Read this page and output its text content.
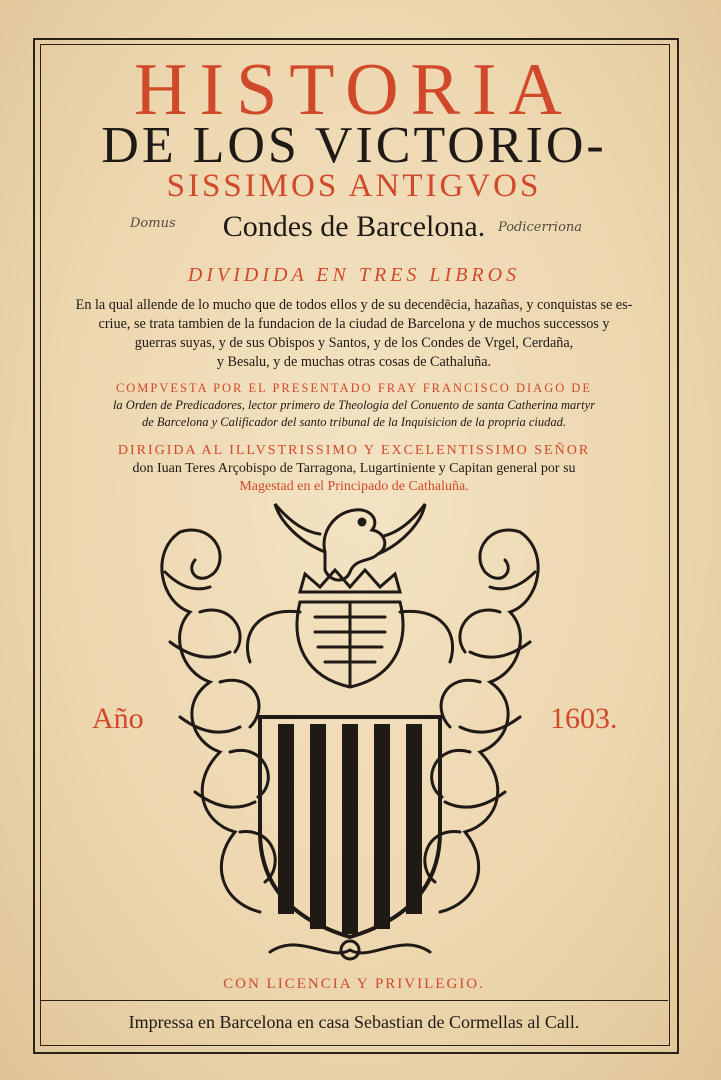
HISTORIA
DE LOS VICTORIO-
SISSIMOS ANTIGVOS
Condes de Barcelona.
Domus	Podicerriona
DIVIDIDA EN TRES LIBROS
En la qual allende de lo mucho que de todos ellos y de su decendēcia, hazañas, y conquistas se es-
criue, se trata tambien de la fundacion de la ciudad de Barcelona y de muchos successos y
guerras suyas, y de sus Obispos y Santos, y de los Condes de Vrgel, Cerdaña,
y Besalu, y de muchas otras cosas de Cathaluña.
COMPVESTA POR EL PRESENTADO FRAY FRANCISCO DIAGO DE
la Orden de Predicadores, lector primero de Theologia del Conuento de santa Catherina martyr
de Barcelona y Calificador del santo tribunal de la Inquisicion de la propria ciudad.
DIRIGIDA AL ILLVSTRISSIMO Y EXCELENTISSIMO SEÑOR
don Iuan Teres Arçobispo de Tarragona, Lugartiniente y Capitan general por su
Magestad en el Principado de Cathaluña.
Año	1603.
CON LICENCIA Y PRIVILEGIO.
Impressa en Barcelona en casa Sebastian de Cormellas al Call.
